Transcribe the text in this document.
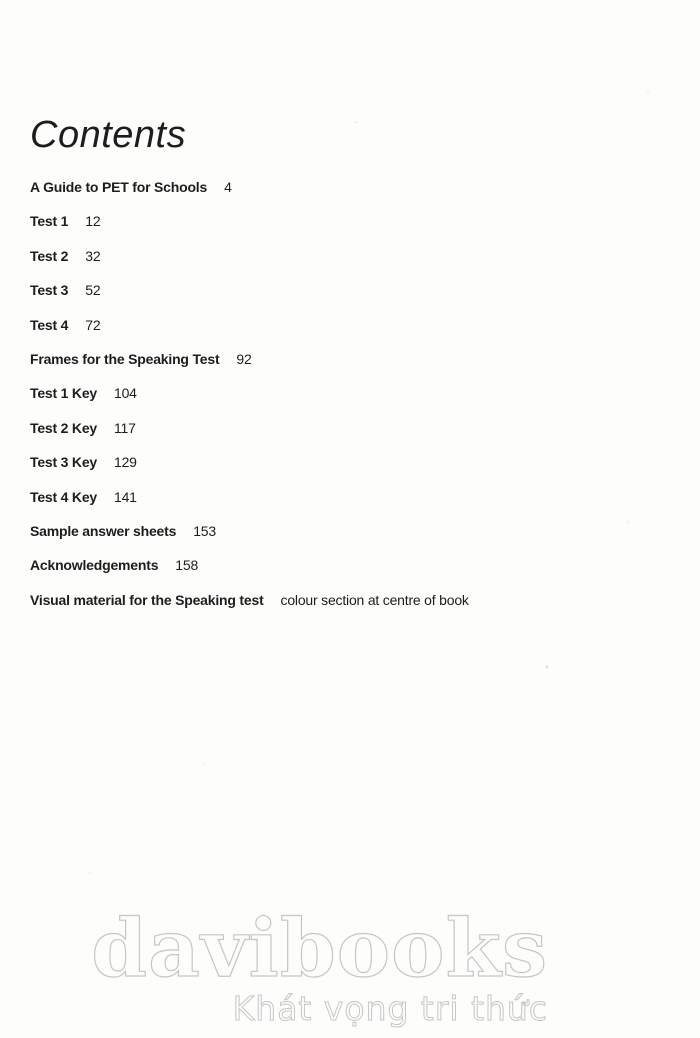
Contents
A Guide to PET for Schools 4
Test 1 12
Test 2 32
Test 3 52
Test 4 72
Frames for the Speaking Test 92
Test 1 Key 104
Test 2 Key 117
Test 3 Key 129
Test 4 Key 141
Sample answer sheets 153
Acknowledgements 158
Visual material for the Speaking test colour section at centre of book
davibooks
Khát vọng tri thức
